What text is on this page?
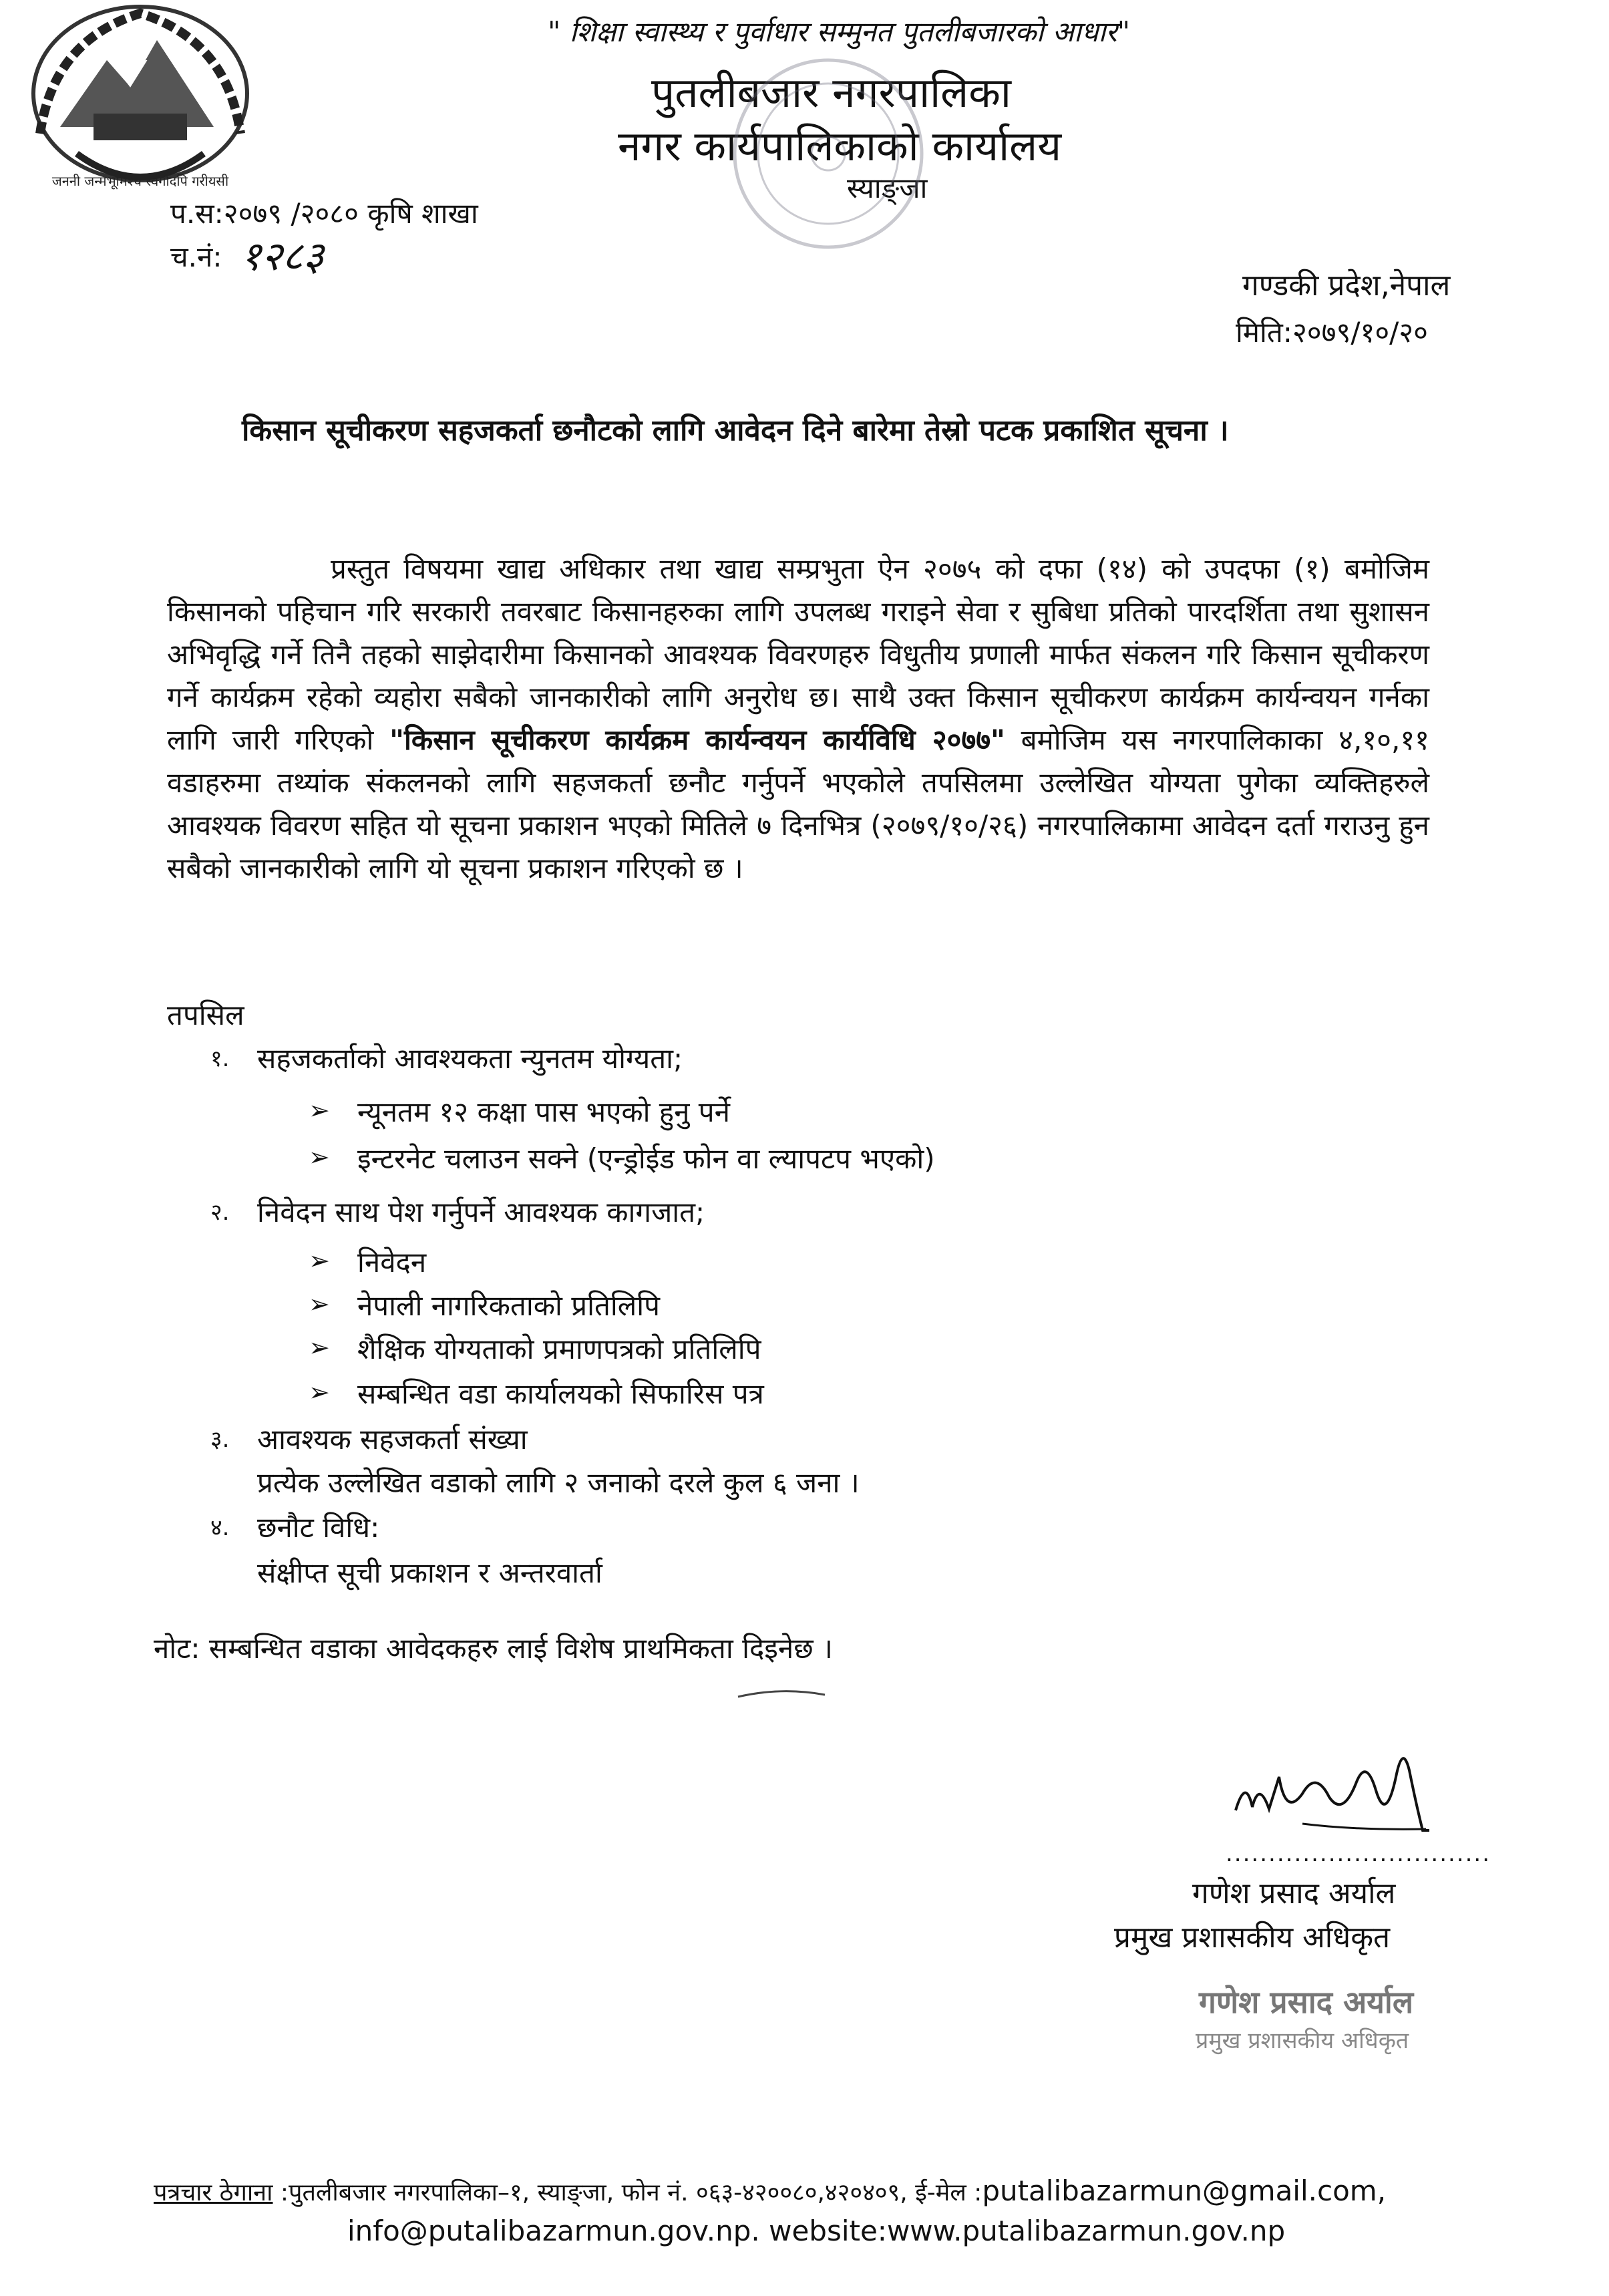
जननी जन्मभूमिश्च स्वर्गादपि गरीयसी
" शिक्षा स्वास्थ्य र पुर्वाधार सम्मुनत पुतलीबजारको आधार"
पुतलीबजार नगरपालिका
नगर कार्यपालिकाको कार्यालय
स्याङ्जा
प.स:२०७९ /२०८० कृषि शाखा
च.नं: १२८३
गण्डकी प्रदेश,नेपाल
मिति:२०७९/१०/२०
किसान सूचीकरण सहजकर्ता छनौटको लागि आवेदन दिने बारेमा तेस्रो पटक प्रकाशित सूचना ।
प्रस्तुत विषयमा खाद्य अधिकार तथा खाद्य सम्प्रभुता ऐन २०७५ को दफा (१४) को उपदफा (१) बमोजिम किसानको पहिचान गरि सरकारी तवरबाट किसानहरुका लागि उपलब्ध गराइने सेवा र सुबिधा प्रतिको पारदर्शिता तथा सुशासन अभिवृद्धि गर्ने तिनै तहको साझेदारीमा किसानको आवश्यक विवरणहरु विधुतीय प्रणाली मार्फत संकलन गरि किसान सूचीकरण गर्ने कार्यक्रम रहेको व्यहोरा सबैको जानकारीको लागि अनुरोध छ। साथै उक्त किसान सूचीकरण कार्यक्रम कार्यन्वयन गर्नका लागि जारी गरिएको "किसान सूचीकरण कार्यक्रम कार्यन्वयन कार्यविधि २०७७" बमोजिम यस नगरपालिकाका ४,१०,११ वडाहरुमा तथ्यांक संकलनको लागि सहजकर्ता छनौट गर्नुपर्ने भएकोले तपसिलमा उल्लेखित योग्यता पुगेका व्यक्तिहरुले आवश्यक विवरण सहित यो सूचना प्रकाशन भएको मितिले ७ दिनभित्र (२०७९/१०/२६) नगरपालिकामा आवेदन दर्ता गराउनु हुन सबैको जानकारीको लागि यो सूचना प्रकाशन गरिएको छ ।
तपसिल
१. सहजकर्ताको आवश्यकता न्युनतम योग्यता;
➢ न्यूनतम १२ कक्षा पास भएको हुनु पर्ने
➢ इन्टरनेट चलाउन सक्ने (एन्ड्रोईड फोन वा ल्यापटप भएको)
२. निवेदन साथ पेश गर्नुपर्ने आवश्यक कागजात;
➢ निवेदन
➢ नेपाली नागरिकताको प्रतिलिपि
➢ शैक्षिक योग्यताको प्रमाणपत्रको प्रतिलिपि
➢ सम्बन्धित वडा कार्यालयको सिफारिस पत्र
३. आवश्यक सहजकर्ता संख्या
प्रत्येक उल्लेखित वडाको लागि २ जनाको दरले कुल ६ जना ।
४. छनौट विधि:
संक्षीप्त सूची प्रकाशन र अन्तरवार्ता
नोट: सम्बन्धित वडाका आवेदकहरु लाई विशेष प्राथमिकता दिइनेछ ।
...............................
गणेश प्रसाद अर्याल
प्रमुख प्रशासकीय अधिकृत
गणेश प्रसाद अर्याल
प्रमुख प्रशासकीय अधिकृत
पत्रचार ठेगाना :पुतलीबजार नगरपालिका–१, स्याङ्जा, फोन नं. ०६३-४२००८०,४२०४०९, ई-मेल :putalibazarmun@gmail.com,
info@putalibazarmun.gov.np. website:www.putalibazarmun.gov.np
